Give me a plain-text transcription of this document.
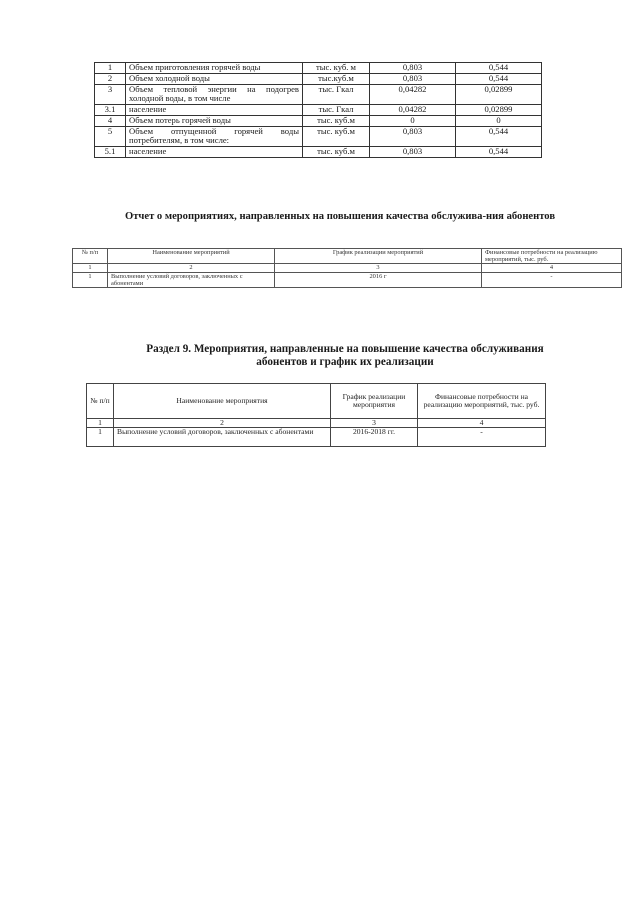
1	Объем приготовления горячей воды	тыс. куб. м	0,803	0,544
2	Объем холодной воды	тыс.куб.м	0,803	0,544
3	Объем тепловой энергии на подогрев холодной воды, в том числе	тыс. Гкал	0,04282	0,02899
3.1	население	тыс. Гкал	0,04282	0,02899
4	Объем потерь горячей воды	тыс. куб.м	0	0
5	Объем отпущенной горячей воды потребителям, в том числе:	тыс. куб.м	0,803	0,544
5.1	население	тыс. куб.м	0,803	0,544
Отчет о мероприятиях, направленных на повышения качества обслужива-ния абонентов
№ п/п	Наименование мероприятий	График реализации мероприятий	Финансовые потребности на реализацию мероприятий, тыс. руб.
1	2	3	4
1	Выполнение условий договоров, заключенных с абонентами	2016 г	-
Раздел 9. Мероприятия, направленные на повышение качества обслуживания абонентов и график их реализации
№ п/п	Наименование мероприятия	График реализации мероприятия	Финансовые потребности на реализацию мероприятий, тыс. руб.
1	2	3	4
1	Выполнение условий договоров, заключенных с абонентами	2016-2018 гг.	-
